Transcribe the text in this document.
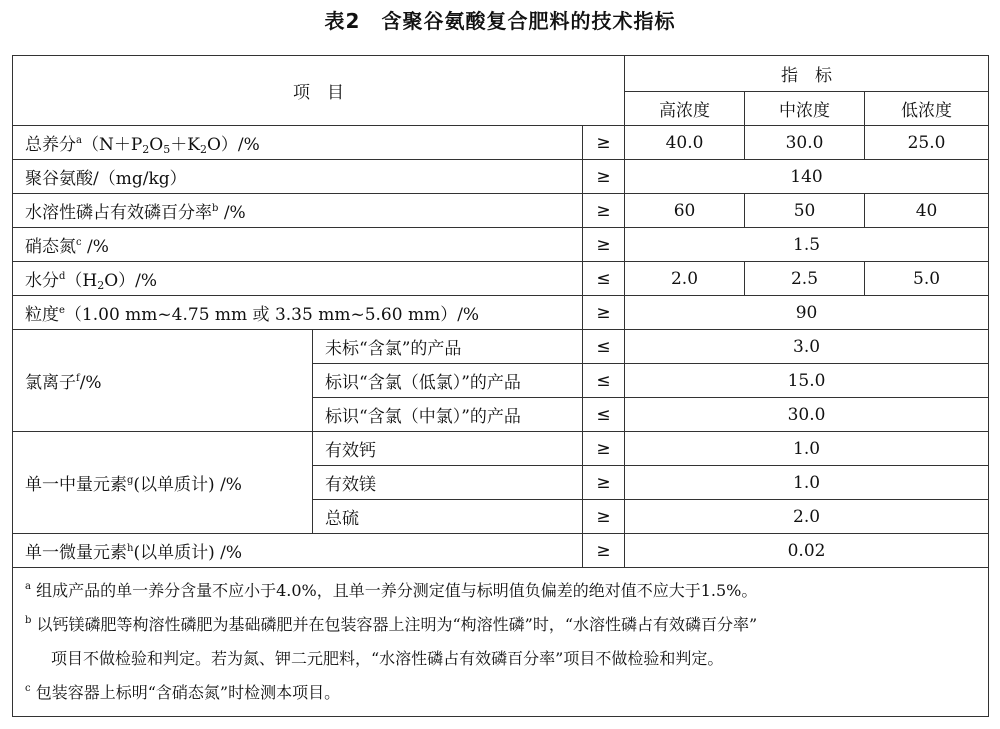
表2　含聚谷氨酸复合肥料的技术指标
项　目			指　标		
			高浓度	中浓度	低浓度
总养分$^a(N+P_2O_5+K_2O)/\%$		≥	40.0	30.0	25.0
聚谷氨酸/（mg/kg）		≥	140		
水溶性磷占有效磷百分率$^b$ /%		≥	60	50	40
硝态氮$^c$ /%		≥	1.5		
水分$^d(H_2O)/\%$		≤	2.0	2.5	5.0
粒度$^e$（1.00 mm~4.75 mm 或 3.35 mm~5.60 mm）/%		≥	90		
氯离子$^f$/%	未标“含氯”的产品	≤	3.0		
	标识“含氯（低氯）”的产品	≤	15.0		
	标识“含氯（中氯）”的产品	≤	30.0		
单一中量元素$^g$(以单质计) /%	有效钙	≥	1.0		
	有效镁	≥	1.0		
	总硫	≥	2.0		
单一微量元素$^h$(以单质计) /%		≥	0.02		

$^a$ 组成产品的单一养分含量不应小于4.0%，且单一养分测定值与标明值负偏差的绝对值不应大于1.5%。
$^b$ 以钙镁磷肥等枸溶性磷肥为基础磷肥并在包装容器上注明为“枸溶性磷”时，“水溶性磷占有效磷百分率”
项目不做检验和判定。若为氮、钾二元肥料，“水溶性磷占有效磷百分率”项目不做检验和判定。
$^c$ 包装容器上标明“含硝态氮”时检测本项目。					
